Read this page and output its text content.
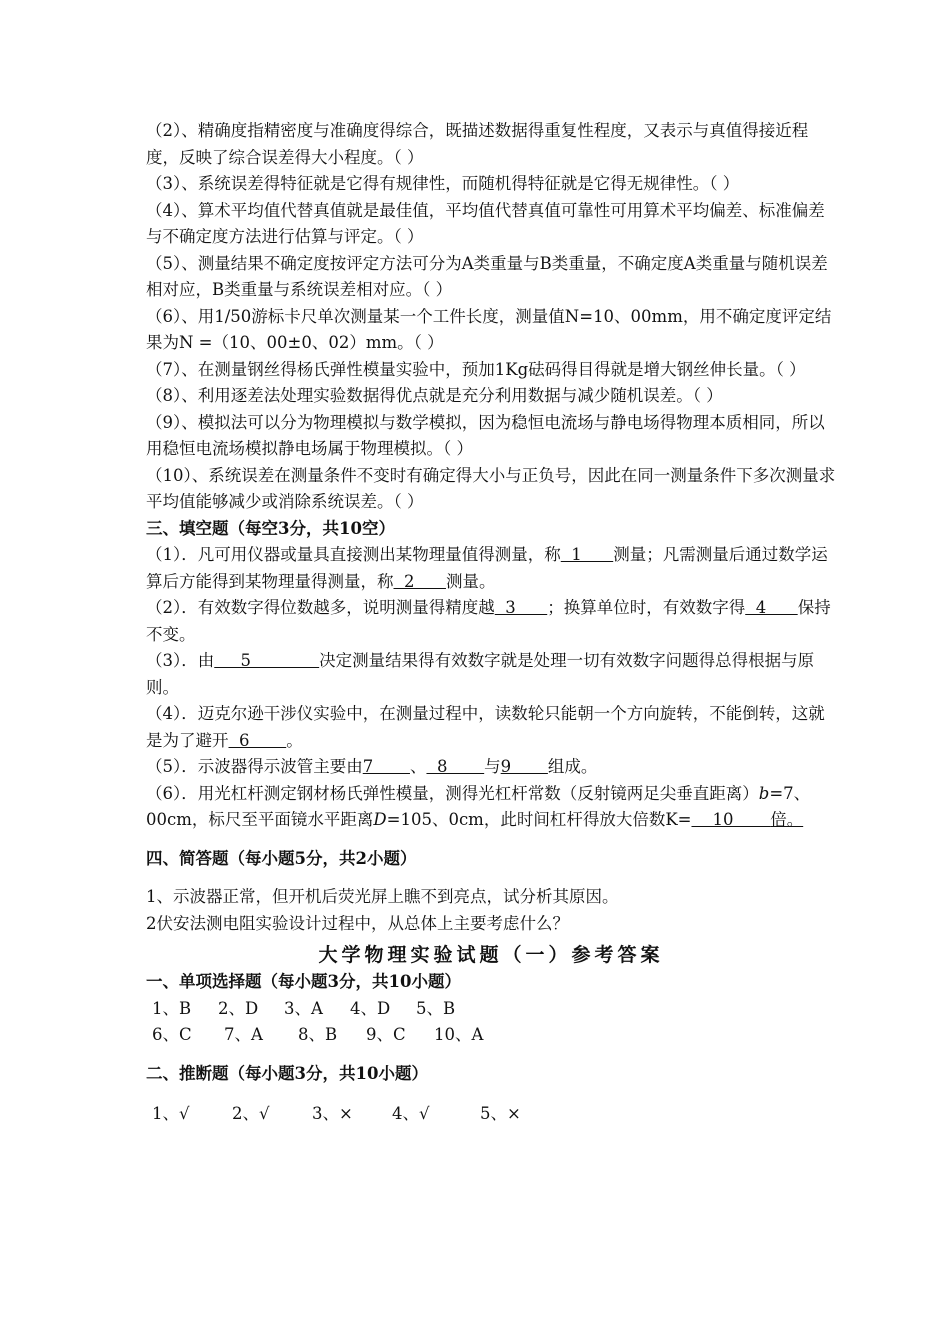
（2）、精确度指精密度与准确度得综合，既描述数据得重复性程度，又表示与真值得接近程度，反映了综合误差得大小程度。（ ）

（3）、系统误差得特征就是它得有规律性，而随机得特征就是它得无规律性。（ ）

（4）、算术平均值代替真值就是最佳值，平均值代替真值可靠性可用算术平均偏差、标准偏差与不确定度方法进行估算与评定。（ ）

（5）、测量结果不确定度按评定方法可分为A类重量与B类重量，不确定度A类重量与随机误差相对应，B类重量与系统误差相对应。（ ）

（6）、用1/50游标卡尺单次测量某一个工件长度，测量值N=10、00mm，用不确定度评定结果为N =（10、00±0、02）mm。（ ）

（7）、在测量钢丝得杨氏弹性模量实验中，预加1Kg砝码得目得就是增大钢丝伸长量。（ ）

（8）、利用逐差法处理实验数据得优点就是充分利用数据与减少随机误差。（ ）

（9）、模拟法可以分为物理模拟与数学模拟，因为稳恒电流场与静电场得物理本质相同，所以用稳恒电流场模拟静电场属于物理模拟。（ ）

（10）、系统误差在测量条件不变时有确定得大小与正负号，因此在同一测量条件下多次测量求平均值能够减少或消除系统误差。（ ）

三、填空题（每空3分，共10空）

（1）．凡可用仪器或量具直接测出某物理量值得测量，称  1      测量；凡需测量后通过数学运算后方能得到某物理量得测量，称  2      测量。

（2）．有效数字得位数越多，说明测量得精度越  3      ；换算单位时，有效数字得  4      保持不变。

（3）．由     5             决定测量结果得有效数字就是处理一切有效数字问题得总得根据与原则。

（4）．迈克尔逊干涉仪实验中，在测量过程中，读数轮只能朝一个方向旋转，不能倒转，这就是为了避开  6       。

（5）．示波器得示波管主要由7       、  8       与9       组成。

（6）．用光杠杆测定钢材杨氏弹性模量，测得光杠杆常数（反射镜两足尖垂直距离）b=7、00cm，标尺至平面镜水平距离D=105、0cm，此时间杠杆得放大倍数K=    10       倍。

四、简答题（每小题5分，共2小题）

1、示波器正常，但开机后荧光屏上瞧不到亮点，试分析其原因。

2伏安法测电阻实验设计过程中，从总体上主要考虑什么？

大学物理实验试题（一）参考答案

一、单项选择题（每小题3分，共10小题）

1、B 2、D 3、A 4、D 5、B

6、C 7、A 8、B 9、C 10、A

二、推断题（每小题3分，共10小题）

1、√	2、√	3、× 4、√	5、×
